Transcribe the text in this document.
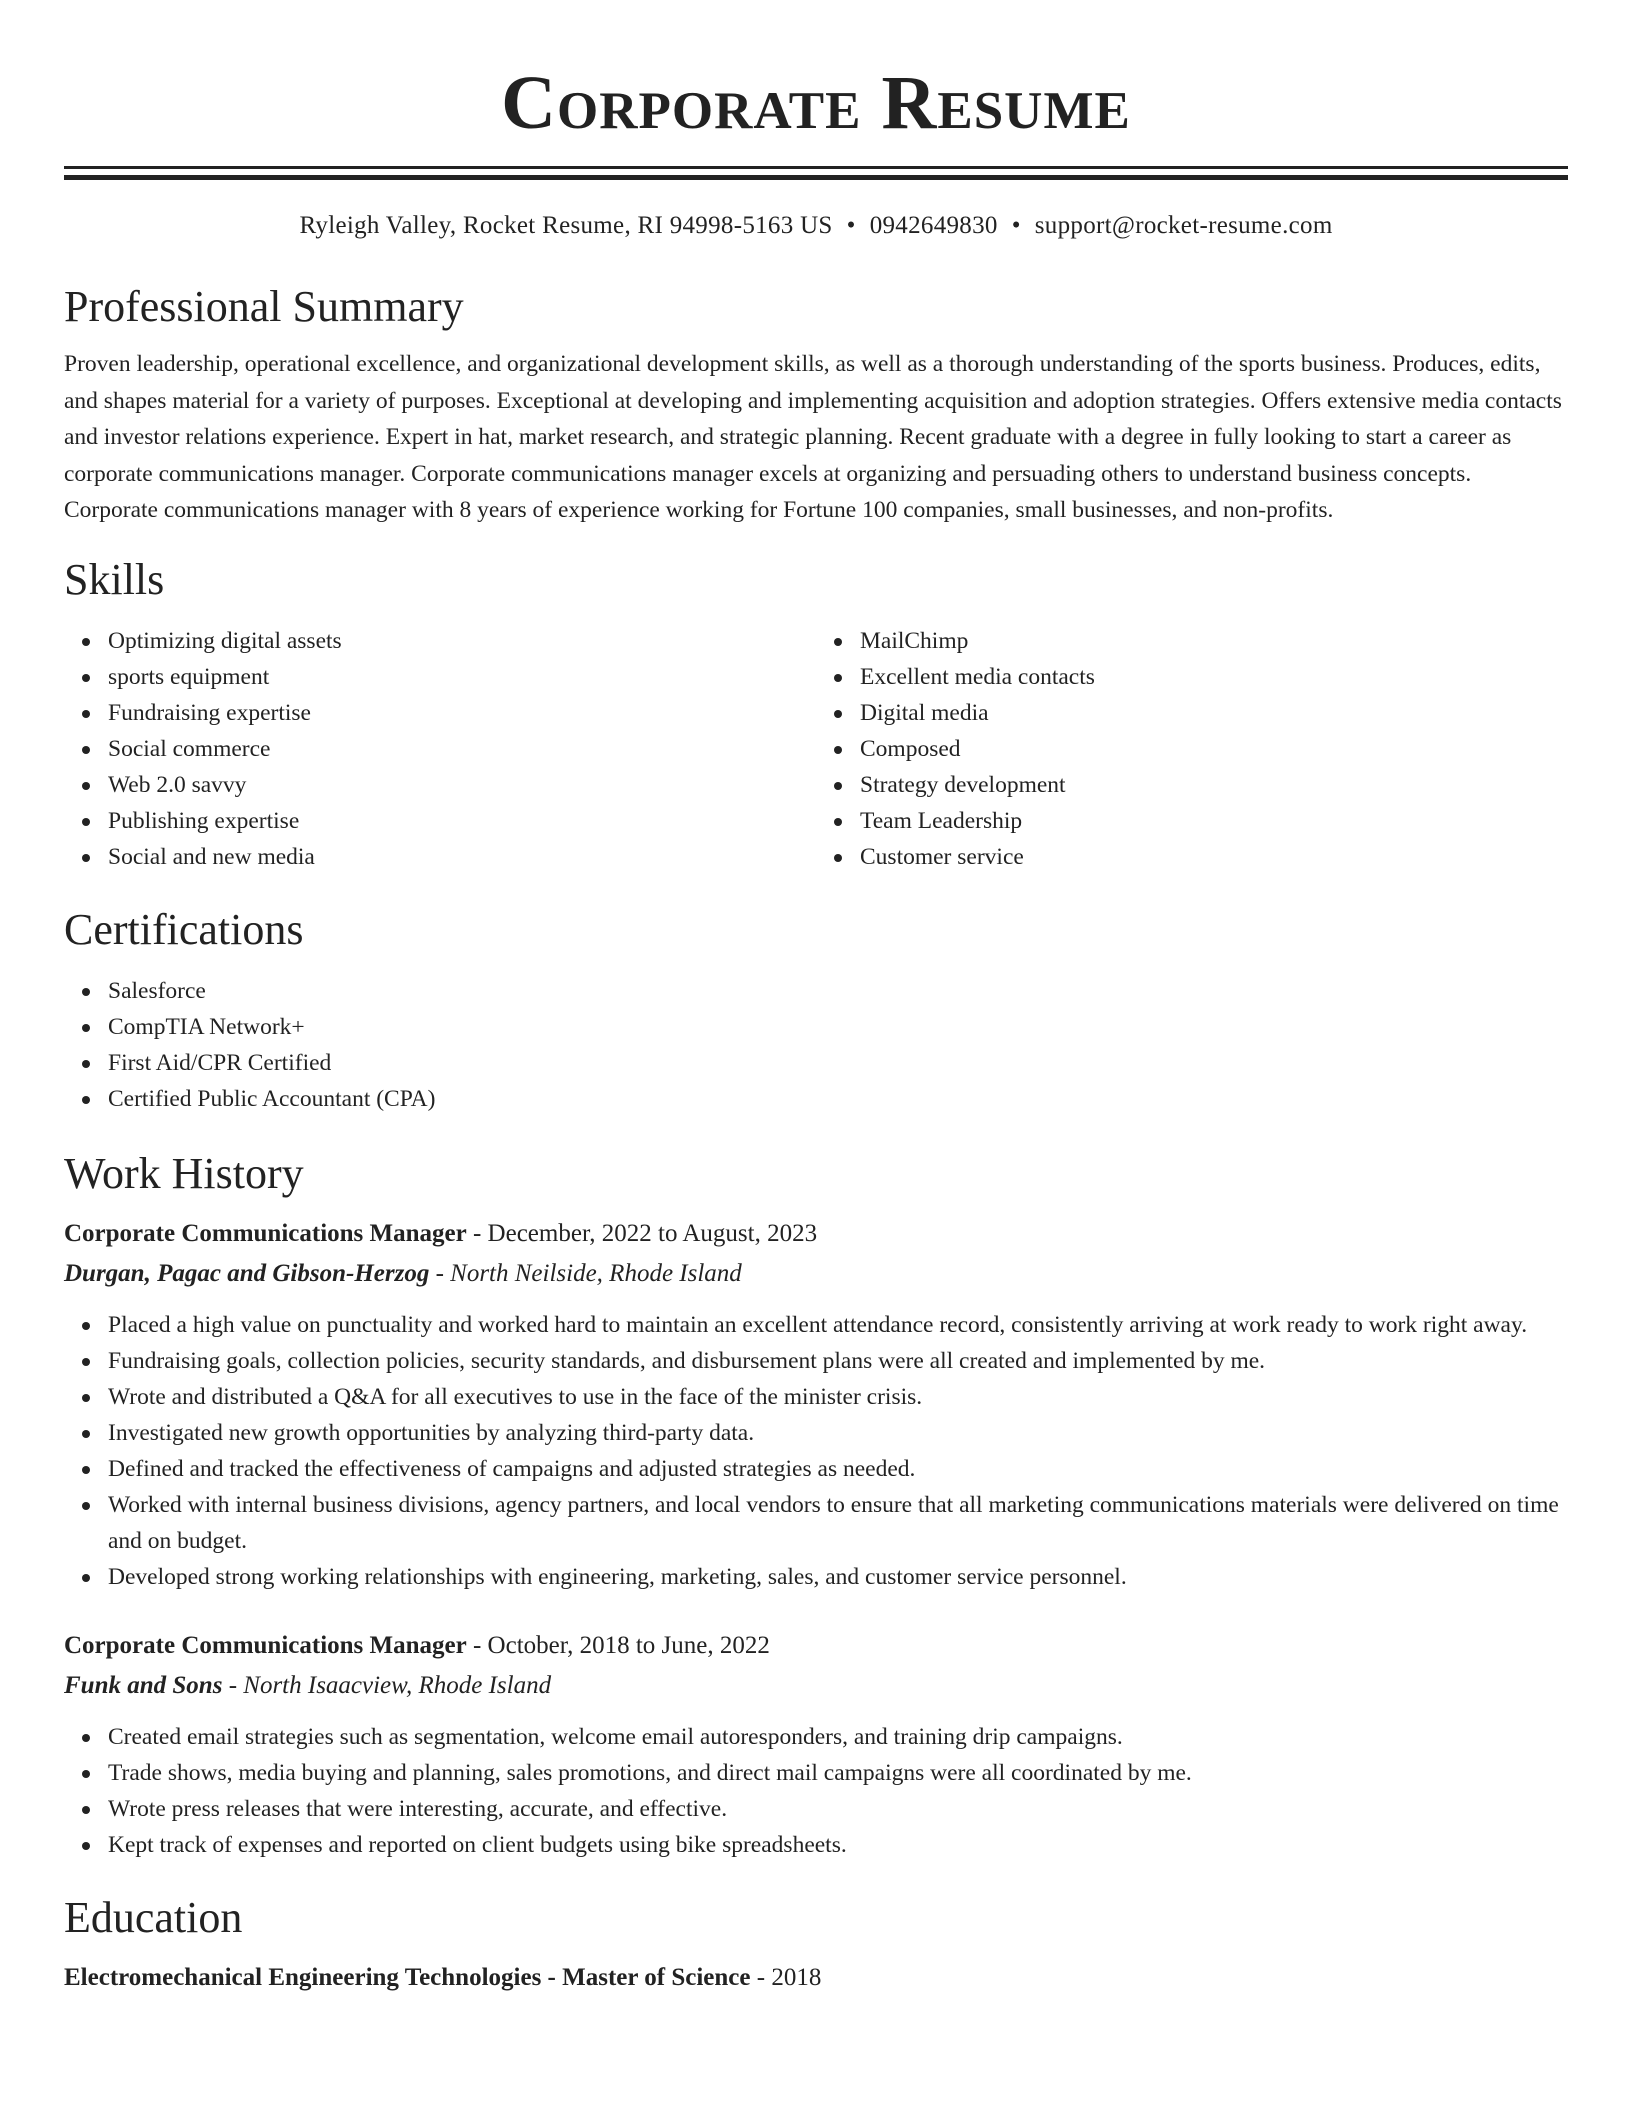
Corporate Resume
Ryleigh Valley, Rocket Resume, RI 94998-5163 US • 0942649830 • support@rocket-resume.com
Professional Summary

Proven leadership, operational excellence, and organizational development skills, as well as a thorough understanding of the sports business. Produces, edits, and shapes material for a variety of purposes. Exceptional at developing and implementing acquisition and adoption strategies. Offers extensive media contacts and investor relations experience. Expert in hat, market research, and strategic planning. Recent graduate with a degree in fully looking to start a career as corporate communications manager. Corporate communications manager excels at organizing and persuading others to understand business concepts. Corporate communications manager with 8 years of experience working for Fortune 100 companies, small businesses, and non-profits.

Skills
Optimizing digital assets
sports equipment
Fundraising expertise
Social commerce
Web 2.0 savvy
Publishing expertise
Social and new media
MailChimp
Excellent media contacts
Digital media
Composed
Strategy development
Team Leadership
Customer service
Certifications
Salesforce
CompTIA Network+
First Aid/CPR Certified
Certified Public Accountant (CPA)
Work History
Corporate Communications Manager - December, 2022 to August, 2023
Durgan, Pagac and Gibson-Herzog - North Neilside, Rhode Island
Placed a high value on punctuality and worked hard to maintain an excellent attendance record, consistently arriving at work ready to work right away.
Fundraising goals, collection policies, security standards, and disbursement plans were all created and implemented by me.
Wrote and distributed a Q&A for all executives to use in the face of the minister crisis.
Investigated new growth opportunities by analyzing third-party data.
Defined and tracked the effectiveness of campaigns and adjusted strategies as needed.
Worked with internal business divisions, agency partners, and local vendors to ensure that all marketing communications materials were delivered on time and on budget.
Developed strong working relationships with engineering, marketing, sales, and customer service personnel.
Corporate Communications Manager - October, 2018 to June, 2022
Funk and Sons - North Isaacview, Rhode Island
Created email strategies such as segmentation, welcome email autoresponders, and training drip campaigns.
Trade shows, media buying and planning, sales promotions, and direct mail campaigns were all coordinated by me.
Wrote press releases that were interesting, accurate, and effective.
Kept track of expenses and reported on client budgets using bike spreadsheets.
Education
Electromechanical Engineering Technologies - Master of Science - 2018
